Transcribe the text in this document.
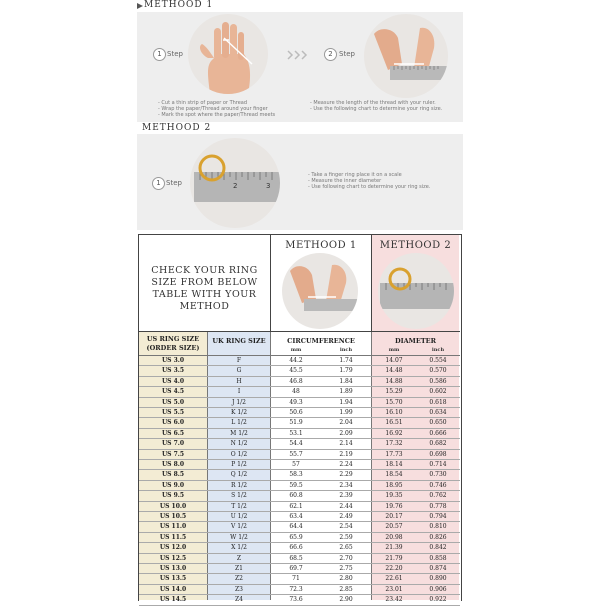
METHOOD 1
1 Step	2 Step
- Cut a thin strip of paper or Thread
- Wrap the paper/Thread around your finger
- Mark the spot where the paper/Thread meets
- Measure the length of the thread with your ruler.
- Use the following chart to determine your ring size.
METHOOD 2
1 Step	2	3
- Take a finger ring place it on a scale
- Measure the inner diameter
- Use following chart to determine your ring size.
CHECK YOUR RING SIZE FROM BELOW TABLE WITH YOUR METHOD
METHOOD 1	METHOOD 2
US RING SIZE (ORDER SIZE)
UK RING SIZE	CIRCUMFERENCE	DIAMETER
mm	inch	mm	inch
US 3.0	F	44.2	1.74	14.07	0.554
US 3.5	G	45.5	1.79	14.48	0.570
US 4.0	H	46.8	1.84	14.88	0.586
US 4.5	I	48	1.89	15.29	0.602
US 5.0	J 1/2	49.3	1.94	15.70	0.618
US 5.5	K 1/2	50.6	1.99	16.10	0.634
US 6.0	L 1/2	51.9	2.04	16.51	0.650
US 6.5	M 1/2	53.1	2.09	16.92	0.666
US 7.0	N 1/2	54.4	2.14	17.32	0.682
US 7.5	O 1/2	55.7	2.19	17.73	0.698
US 8.0	P 1/2	57	2.24	18.14	0.714
US 8.5	Q 1/2	58.3	2.29	18.54	0.730
US 9.0	R 1/2	59.5	2.34	18.95	0.746
US 9.5	S 1/2	60.8	2.39	19.35	0.762
US 10.0	T 1/2	62.1	2.44	19.76	0.778
US 10.5	U 1/2	63.4	2.49	20.17	0.794
US 11.0	V 1/2	64.4	2.54	20.57	0.810
US 11.5	W 1/2	65.9	2.59	20.98	0.826
US 12.0	X 1/2	66.6	2.65	21.39	0.842
US 12.5	Z	68.5	2.70	21.79	0.858
US 13.0	Z1	69.7	2.75	22.20	0.874
US 13.5	Z2	71	2.80	22.61	0.890
US 14.0	Z3	72.3	2.85	23.01	0.906
US 14.5	Z4	73.6	2.90	23.42	0.922
